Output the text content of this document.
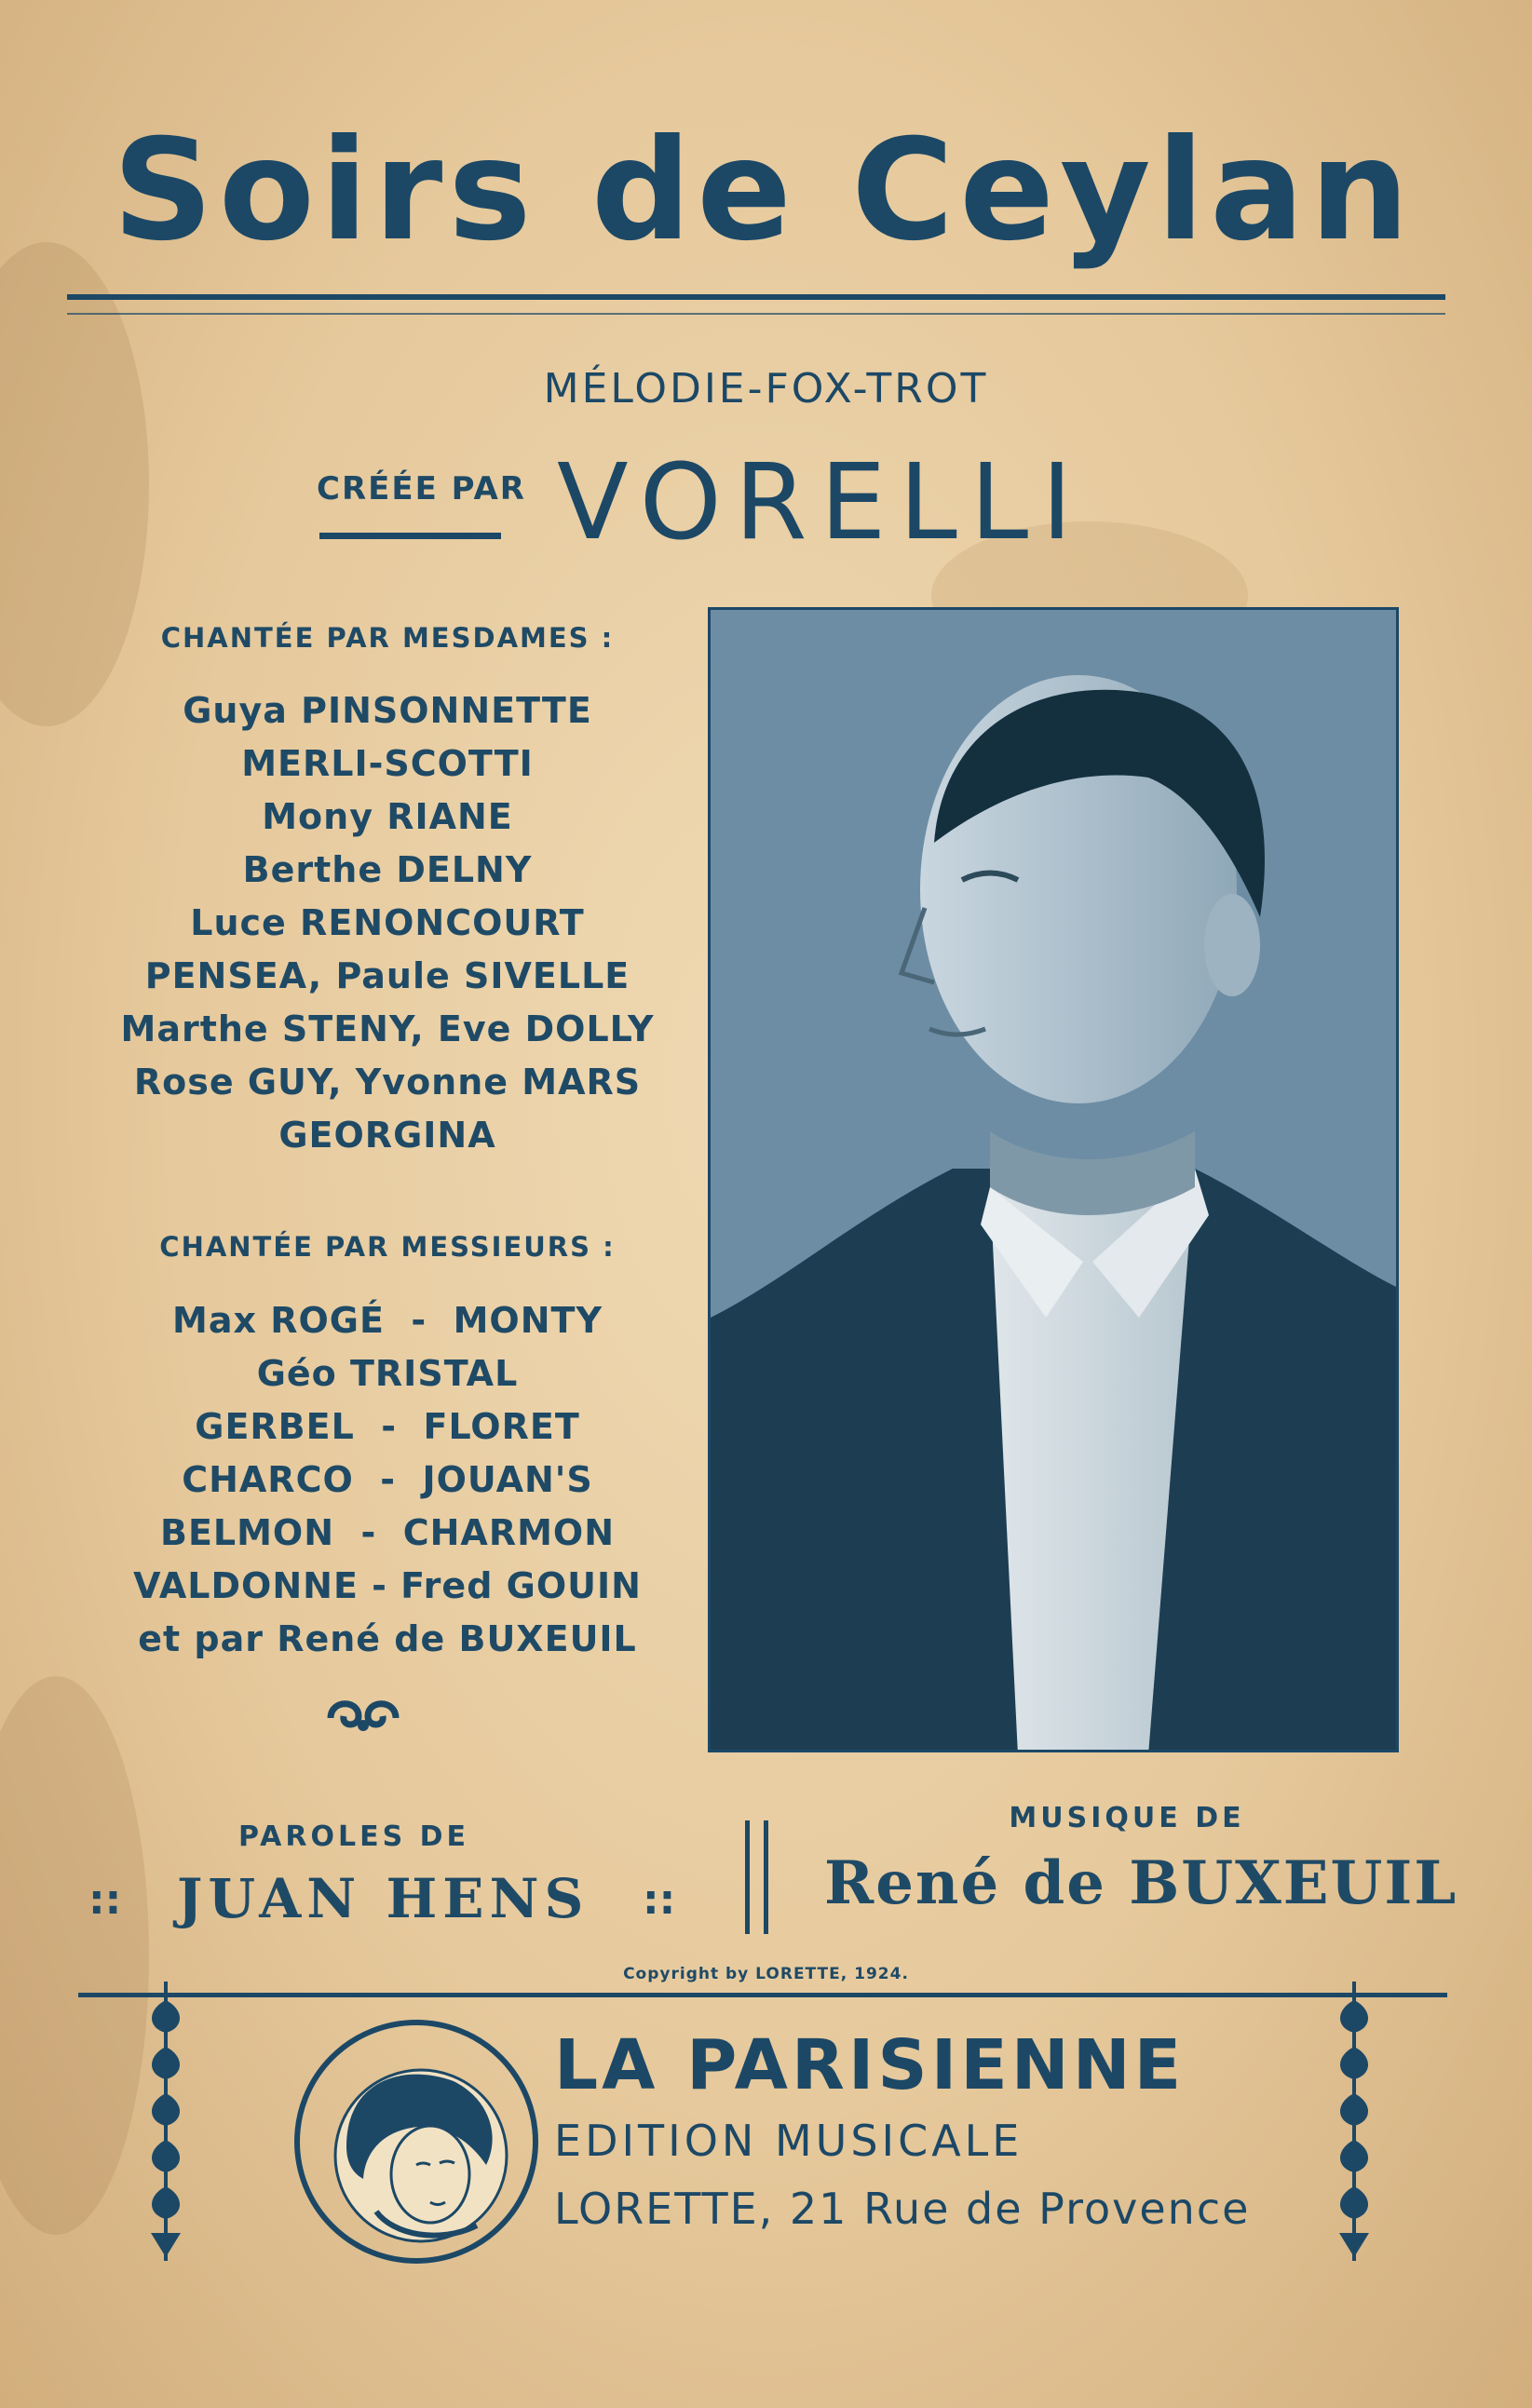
Soirs de Ceylan
MÉLODIE-FOX-TROT
CRÉÉE PAR VORELLI
CHANTÉE PAR MESDAMES :
Guya PINSONNETTE
MERLI-SCOTTI
Mony RIANE
Berthe DELNY
Luce RENONCOURT
PENSEA, Paule SIVELLE
Marthe STENY, Eve DOLLY
Rose GUY, Yvonne MARS
GEORGINA
CHANTÉE PAR MESSIEURS :
Max ROGÉ  -  MONTY
Géo TRISTAL
GERBEL  -  FLORET
CHARCO  -  JOUAN'S
BELMON  -  CHARMON
VALDONNE - Fred GOUIN
et par René de BUXEUIL
PAROLES DE
:: JUAN HENS ::
MUSIQUE DE
René de BUXEUIL
Copyright by LORETTE, 1924.
LA PARISIENNE
EDITION MUSICALE
LORETTE, 21 Rue de Provence
